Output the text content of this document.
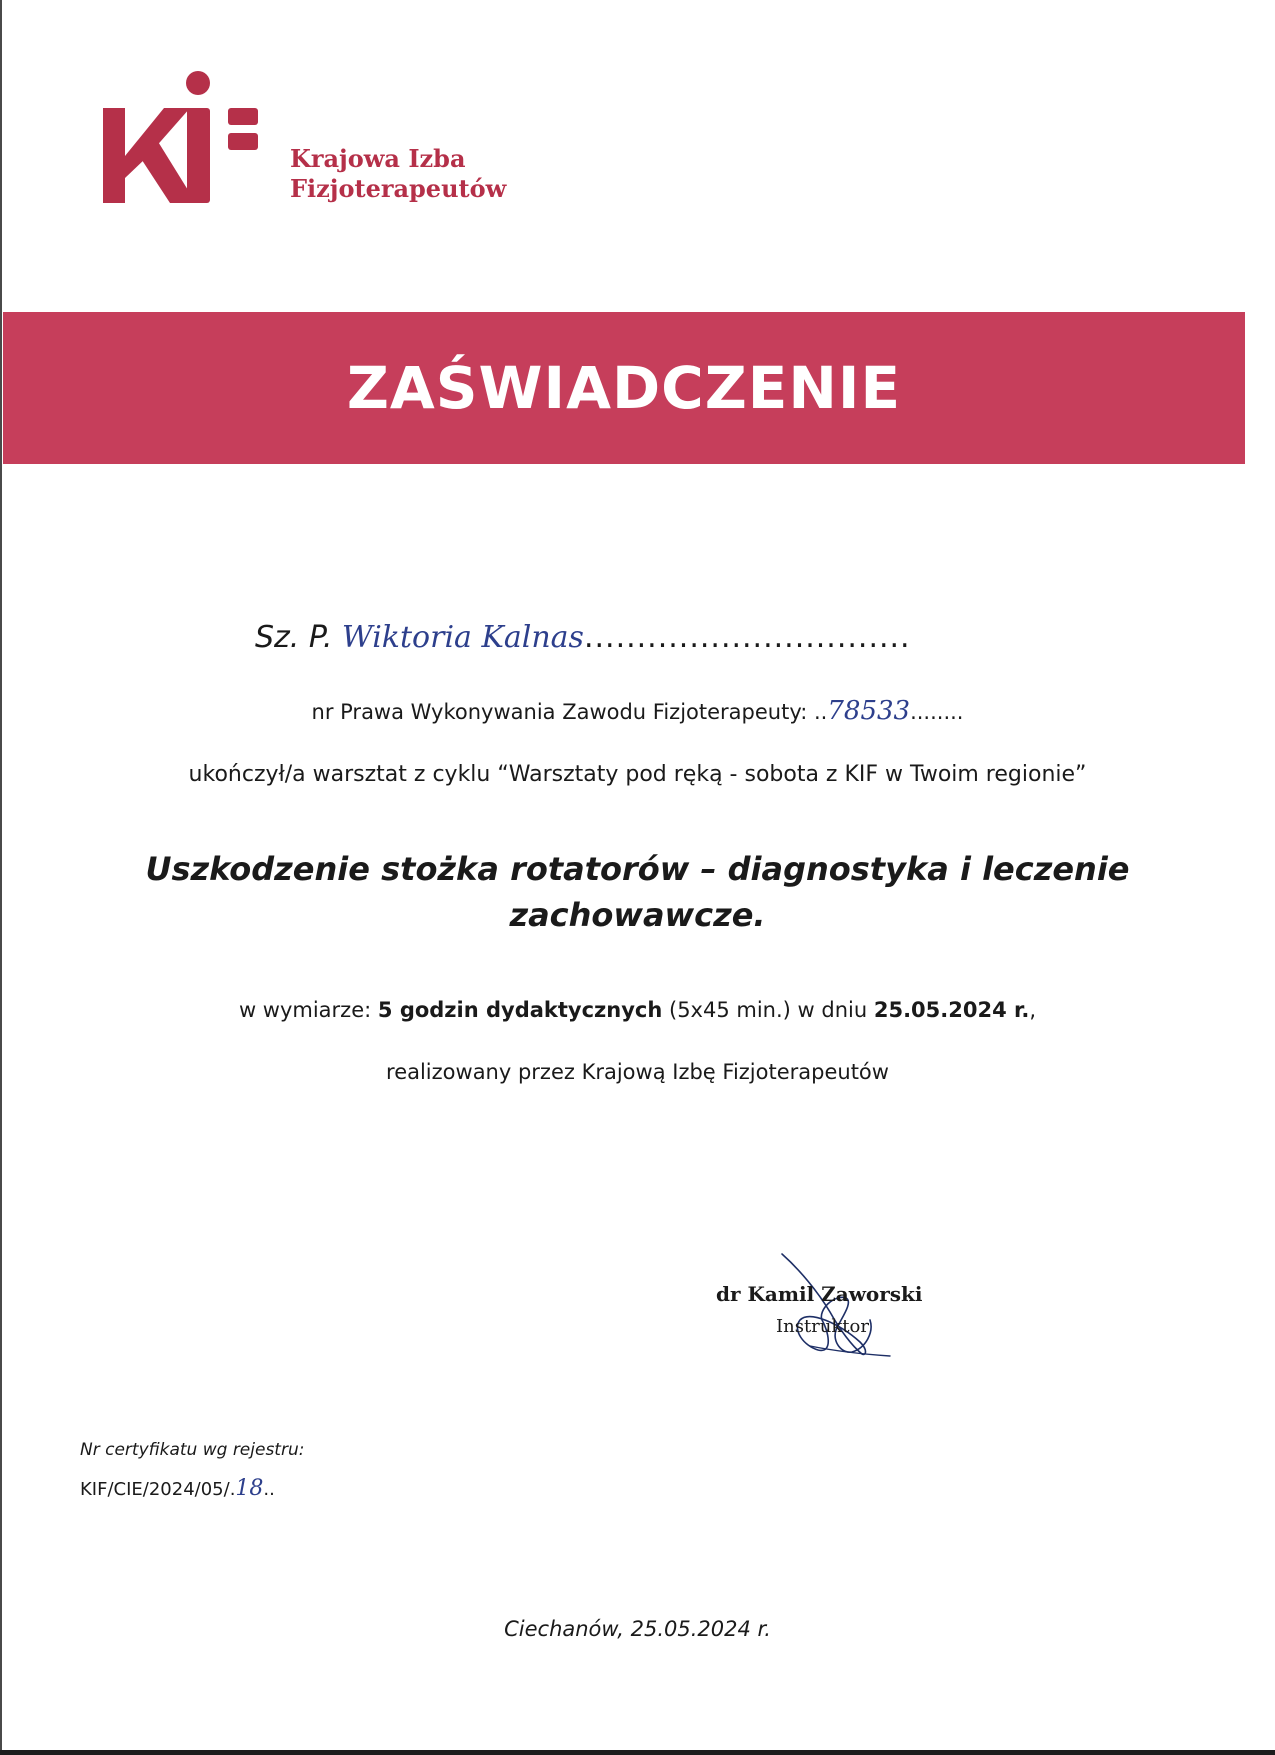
Krajowa Izba
Fizjoterapeutów
ZAŚWIADCZENIE
Sz. P. Wiktoria Kalnas...............................
nr Prawa Wykonywania Zawodu Fizjoterapeuty: ..78533........
ukończył/a warsztat z cyklu “Warsztaty pod ręką - sobota z KIF w Twoim regionie”
Uszkodzenie stożka rotatorów – diagnostyka i leczenie
zachowawcze.
w wymiarze: 5 godzin dydaktycznych (5x45 min.) w dniu 25.05.2024 r.,
realizowany przez Krajową Izbę Fizjoterapeutów
dr Kamil Zaworski
Instruktor
Nr certyfikatu wg rejestru:
KIF/CIE/2024/05/.18..
Ciechanów, 25.05.2024 r.
